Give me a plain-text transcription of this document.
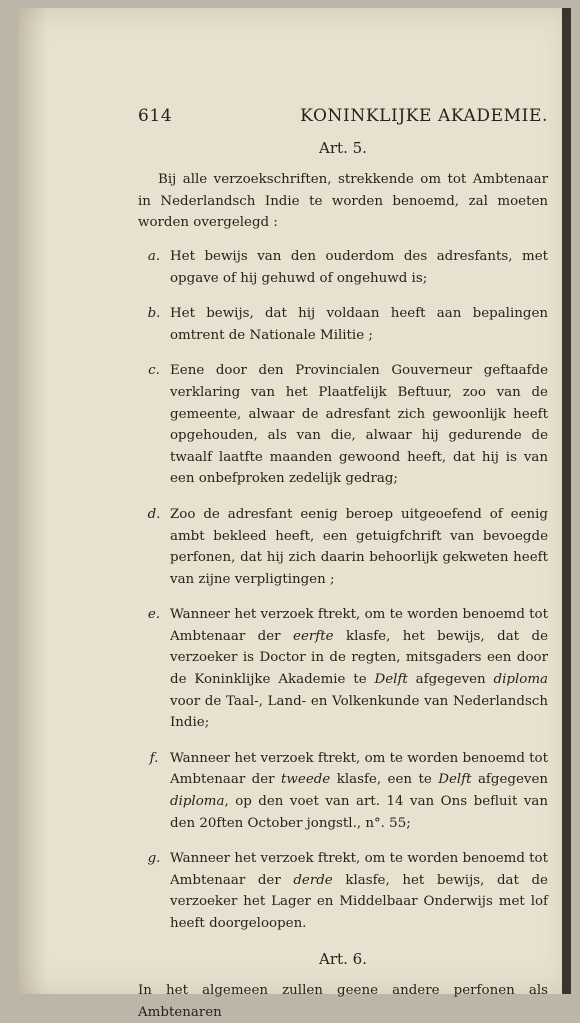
614	KONINKLIJKE AKADEMIE.
Art. 5.
Bij alle verzoekschriften, strekkende om tot Ambtenaar in Nederlandsch Indie te worden benoemd, zal moeten worden overgelegd :
a. Het bewijs van den ouderdom des adresfants, met opgave of hij gehuwd of ongehuwd is;
b. Het bewijs, dat hij voldaan heeft aan bepalingen omtrent de Nationale Militie ;
c. Eene door den Provincialen Gouverneur geftaafde verklaring van het Plaatfelijk Beftuur, zoo van de gemeente, alwaar de adresfant zich gewoonlijk heeft opgehouden, als van die, alwaar hij gedurende de twaalf laatfte maanden gewoond heeft, dat hij is van een onbefproken zedelijk gedrag;
d. Zoo de adresfant eenig beroep uitgeoefend of eenig ambt bekleed heeft, een getuigfchrift van bevoegde perfonen, dat hij zich daarin behoorlijk gekweten heeft van zijne verpligtingen ;
e. Wanneer het verzoek ftrekt, om te worden benoemd tot Ambtenaar der eerfte klasfe, het bewijs, dat de verzoeker is Doctor in de regten, mitsgaders een door de Koninklijke Akademie te Delft afgegeven diploma voor de Taal-, Land- en Volkenkunde van Nederlandsch Indie;
f. Wanneer het verzoek ftrekt, om te worden benoemd tot Ambtenaar der tweede klasfe, een te Delft afgegeven diploma, op den voet van art. 14 van Ons befluit van den 20ften October jongstl., n°. 55;
g. Wanneer het verzoek ftrekt, om te worden benoemd tot Ambtenaar der derde klasfe, het bewijs, dat de verzoeker het Lager en Middelbaar Onderwijs met lof heeft doorgeloopen.
Art. 6.
In het algemeen zullen geene andere perfonen als Ambtenaren
